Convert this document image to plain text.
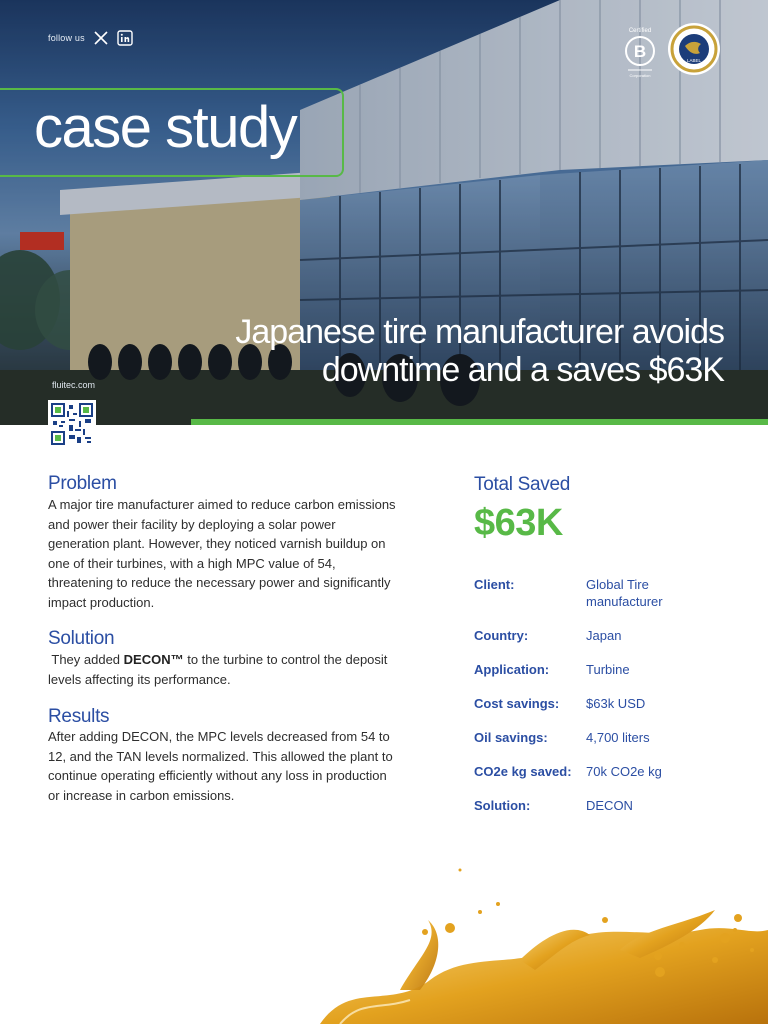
follow us
Certified
B
Corporation
LABEL
case study
Japanese tire manufacturer avoids downtime and a saves $63K
fluitec.com
Problem

A major tire manufacturer aimed to reduce carbon emissions and power their facility by deploying a solar power generation plant. However, they noticed varnish buildup on one of their turbines, with a high MPC value of 54, threatening to reduce the necessary power and significantly impact production.

Solution

They added DECON™ to the turbine to control the deposit levels affecting its performance.

Results

After adding DECON, the MPC levels decreased from 54 to 12, and the TAN levels normalized. This allowed the plant to continue operating efficiently without any loss in production or increase in carbon emissions.

Total Saved
$63K
Client:	Global Tire manufacturer
Country:	Japan
Application:	Turbine
Cost savings:	$63k USD
Oil savings:	4,700 liters
CO2e kg saved:	70k CO2e kg
Solution:	DECON
